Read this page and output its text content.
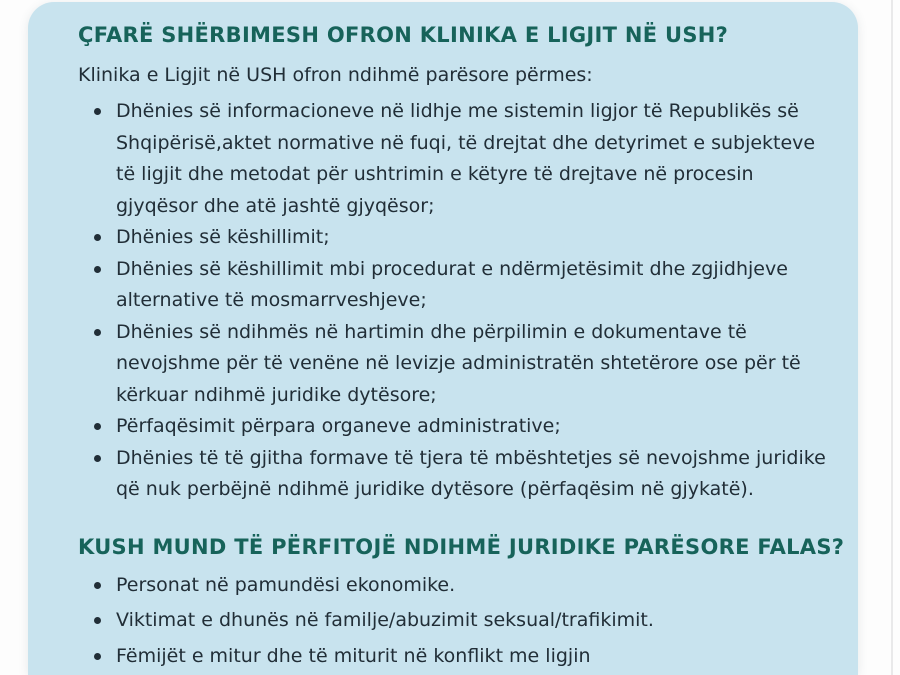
ÇFARË SHËRBIMESH OFRON KLINIKA E LIGJIT NË USH?

Klinika e Ligjit në USH ofron ndihmë parësore përmes:

Dhënies së informacioneve në lidhje me sistemin ligjor të Republikës së Shqipërisë,aktet normative në fuqi, të drejtat dhe detyrimet e subjekteve të ligjit dhe metodat për ushtrimin e këtyre të drejtave në procesin gjyqësor dhe atë jashtë gjyqësor;
Dhënies së këshillimit;
Dhënies së këshillimit mbi procedurat e ndërmjetësimit dhe zgjidhjeve alternative të mosmarrveshjeve;
Dhënies së ndihmës në hartimin dhe përpilimin e dokumentave të nevojshme për të venëne në levizje administratën shtetërore ose për të kërkuar ndihmë juridike dytësore;
Përfaqësimit përpara organeve administrative;
Dhënies të të gjitha formave të tjera të mbështetjes së nevojshme juridike që nuk perbëjnë ndihmë juridike dytësore (përfaqësim në gjykatë).
KUSH MUND TË PËRFITOJË NDIHMË JURIDIKE PARËSORE FALAS?
Personat në pamundësi ekonomike.
Viktimat e dhunës në familje/abuzimit seksual/trafikimit.
Fëmijët e mitur dhe të miturit në konflikt me ligjin
